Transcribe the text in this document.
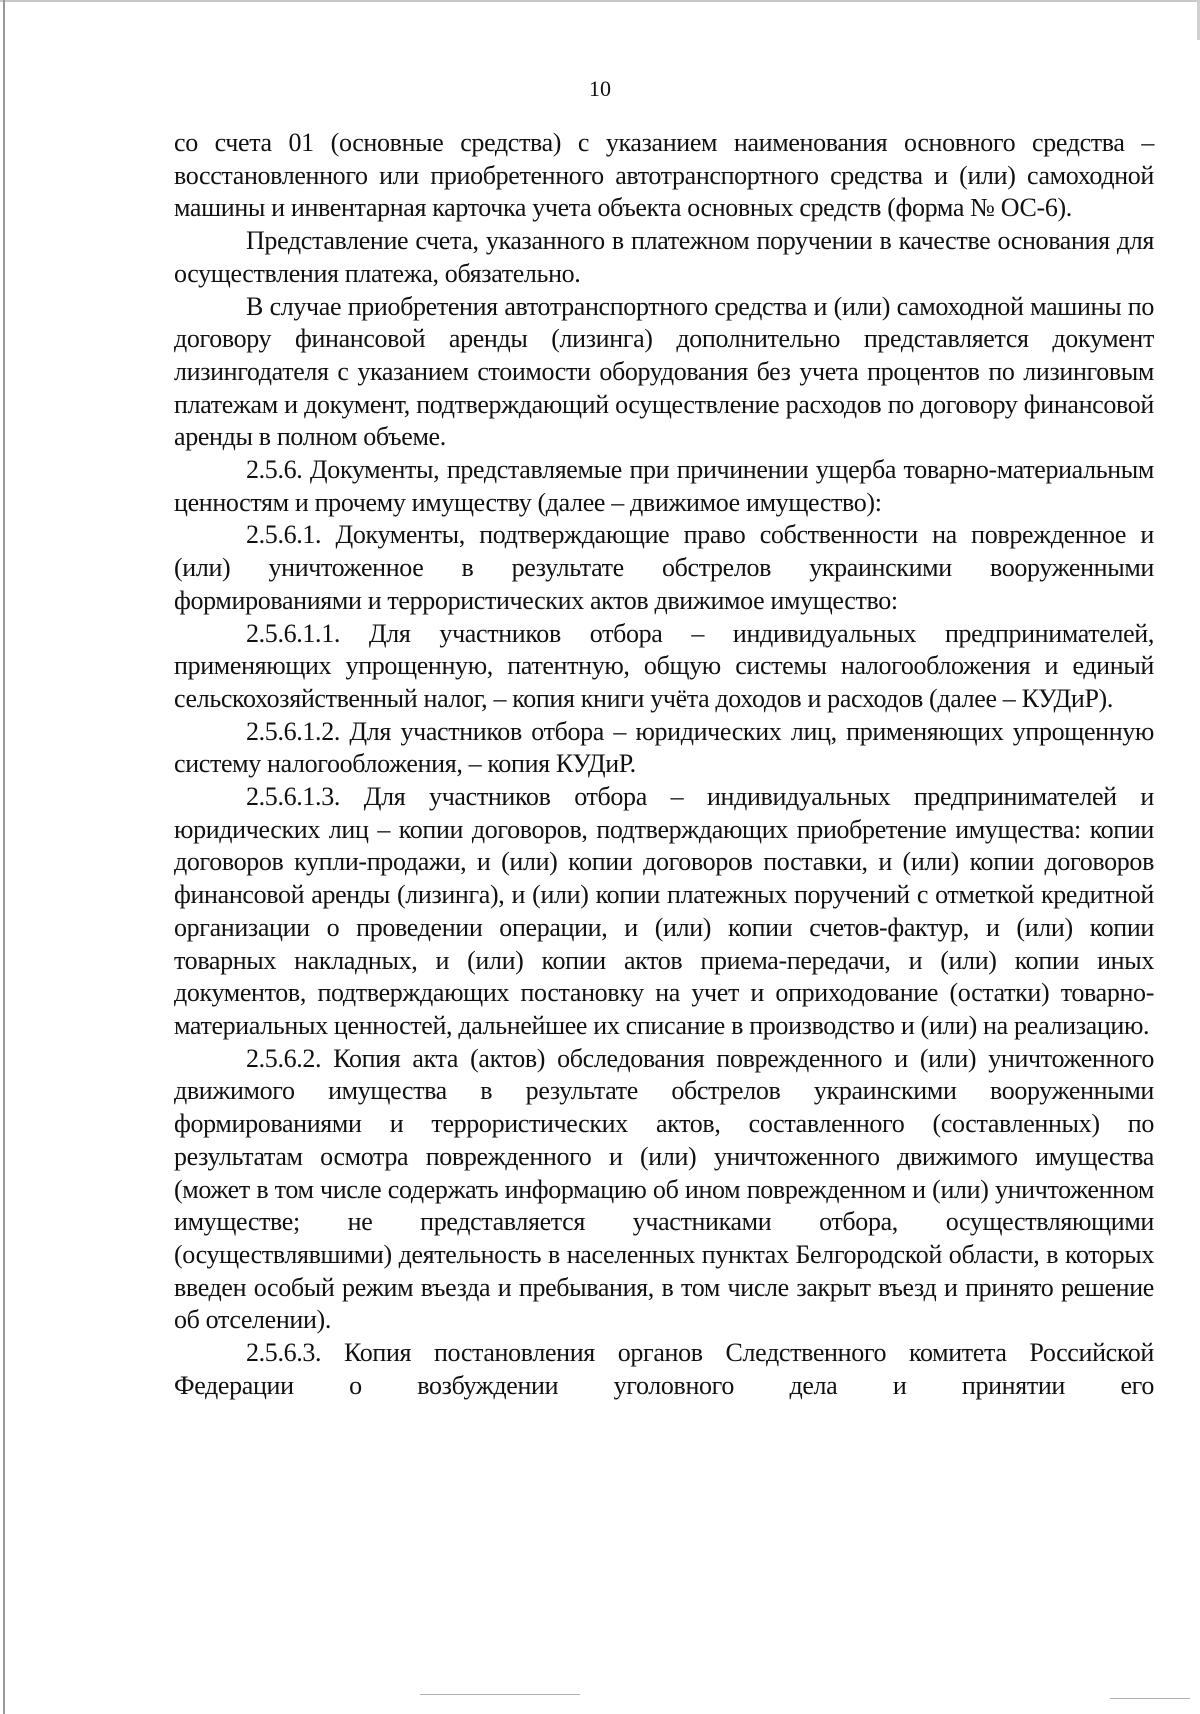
10

со счета 01 (основные средства) с указанием наименования основного средства – восстановленного или приобретенного автотранспортного средства и (или) самоходной машины и инвентарная карточка учета объекта основных средств (форма № ОС-6).

Представление счета, указанного в платежном поручении в качестве основания для осуществления платежа, обязательно.

В случае приобретения автотранспортного средства и (или) самоходной машины по договору финансовой аренды (лизинга) дополнительно представляется документ лизингодателя с указанием стоимости оборудования без учета процентов по лизинговым платежам и документ, подтверждающий осуществление расходов по договору финансовой аренды в полном объеме.

2.5.6. Документы, представляемые при причинении ущерба товарно-материальным ценностям и прочему имуществу (далее – движимое имущество):

2.5.6.1. Документы, подтверждающие право собственности на поврежденное и (или) уничтоженное в результате обстрелов украинскими вооруженными формированиями и террористических актов движимое имущество:

2.5.6.1.1. Для участников отбора – индивидуальных предпринимателей, применяющих упрощенную, патентную, общую системы налогообложения и единый сельскохозяйственный налог, – копия книги учёта доходов и расходов (далее – КУДиР).

2.5.6.1.2. Для участников отбора – юридических лиц, применяющих упрощенную систему налогообложения, – копия КУДиР.

2.5.6.1.3. Для участников отбора – индивидуальных предпринимателей и юридических лиц – копии договоров, подтверждающих приобретение имущества: копии договоров купли-продажи, и (или) копии договоров поставки, и (или) копии договоров финансовой аренды (лизинга), и (или) копии платежных поручений с отметкой кредитной организации о проведении операции, и (или) копии счетов-фактур, и (или) копии товарных накладных, и (или) копии актов приема-передачи, и (или) копии иных документов, подтверждающих постановку на учет и оприходование (остатки) товарно-материальных ценностей, дальнейшее их списание в производство и (или) на реализацию.

2.5.6.2. Копия акта (актов) обследования поврежденного и (или) уничтоженного движимого имущества в результате обстрелов украинскими вооруженными формированиями и террористических актов, составленного (составленных) по результатам осмотра поврежденного и (или) уничтоженного движимого имущества (может в том числе содержать информацию об ином поврежденном и (или) уничтоженном имуществе; не представляется участниками отбора, осуществляющими (осуществлявшими) деятельность в населенных пунктах Белгородской области, в которых введен особый режим въезда и пребывания, в том числе закрыт въезд и принято решение об отселении).

2.5.6.3. Копия постановления органов Следственного комитета Российской Федерации о возбуждении уголовного дела и принятии его
